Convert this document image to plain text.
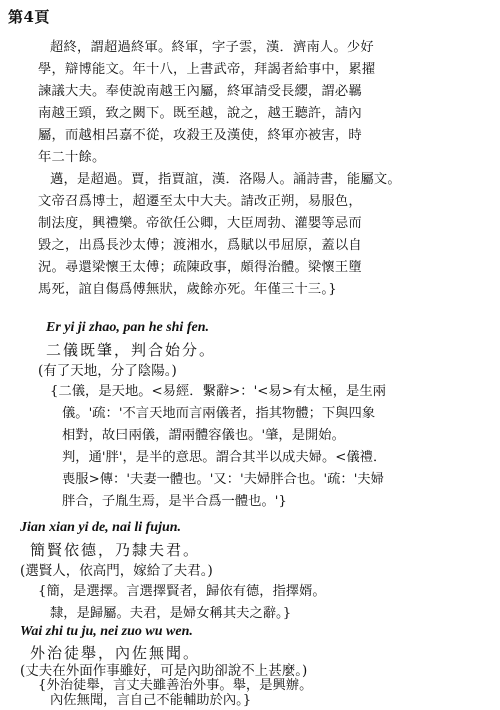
第4頁
超終，謂超過終軍。終軍，字子雲，漢．濟南人。少好
學，辯博能文。年十八，上書武帝，拜謁者給事中，累擢
諫議大夫。奉使說南越王內屬，終軍請受長纓，謂必羈
南越王頸，致之闕下。既至越，說之，越王聽許，請內
屬，而越相呂嘉不從，攻殺王及漢使，終軍亦被害，時
年二十餘。
邁，是超過。賈，指賈誼，漢．洛陽人。誦詩書，能屬文。
文帝召爲博士，超遷至太中大夫。請改正朔，易服色，
制法度，興禮樂。帝欲任公卿，大臣周勃、灌嬰等忌而
毀之，出爲長沙太傅；渡湘水，爲賦以弔屈原，蓋以自
況。尋還梁懷王太傅；疏陳政事，頗得治體。梁懷王墮
馬死，誼自傷爲傅無狀，歲餘亦死。年僅三十三。}
Er yi ji zhao, pan he shi fen.
二儀既肇，判合始分。
(有了天地，分了陰陽。)
{二儀，是天地。<易經．繫辭>：'<易>有太極，是生兩
儀。'疏：'不言天地而言兩儀者，指其物體；下與四象
相對，故曰兩儀，謂兩體容儀也。'肇，是開始。
判，通'胖'，是半的意思。謂合其半以成夫婦。<儀禮．
喪服>傳：'夫妻一體也。'又：'夫婦胖合也。'疏：'夫婦
胖合，子胤生焉，是半合爲一體也。'}
Jian xian yi de, nai li fujun.
簡賢依德，乃隸夫君。
(選賢人，依高門，嫁給了夫君。)
{簡，是選擇。言選擇賢者，歸依有德，指擇婿。
隸，是歸屬。夫君，是婦女稱其夫之辭。}
Wai zhi tu ju, nei zuo wu wen.
外治徒舉，內佐無聞。
(丈夫在外面作事雖好，可是內助卻說不上甚麼。)
{外治徒舉，言丈夫雖善治外事。舉，是興辦。
內佐無聞，言自己不能輔助於內。}
